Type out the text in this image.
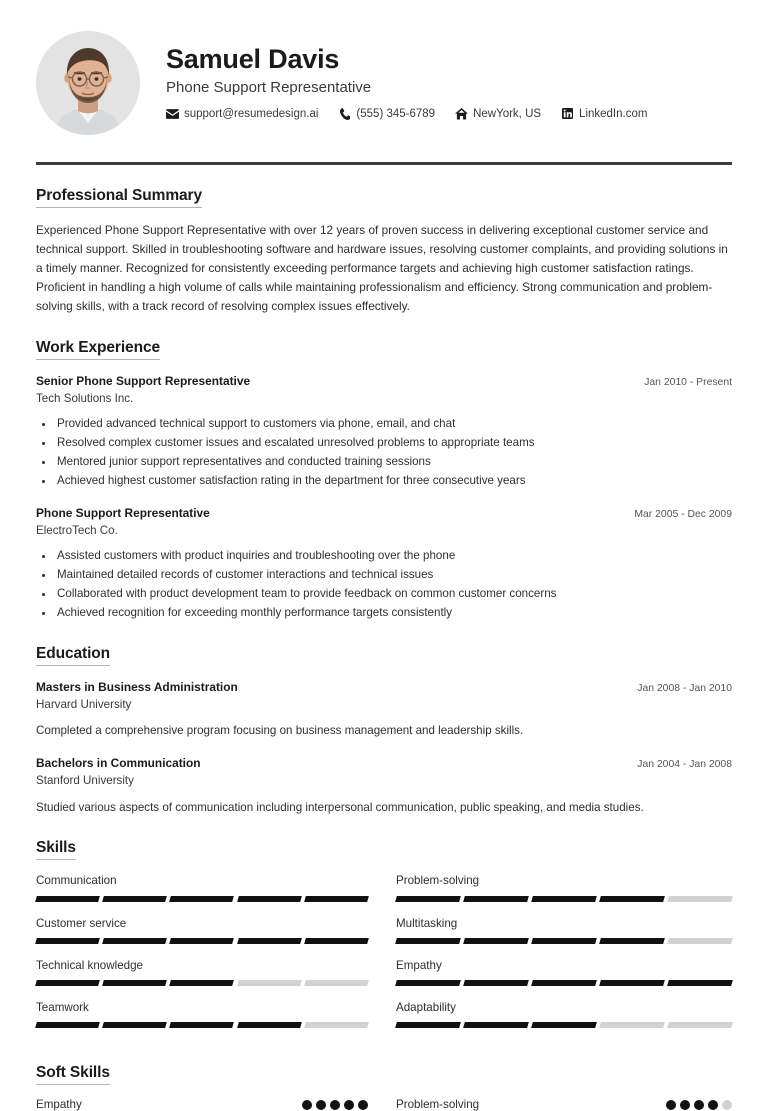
Samuel Davis
Phone Support Representative
support@resumedesign.ai	(555) 345-6789	NewYork, US	LinkedIn.com
Professional Summary

Experienced Phone Support Representative with over 12 years of proven success in delivering exceptional customer service and technical support. Skilled in troubleshooting software and hardware issues, resolving customer complaints, and providing solutions in a timely manner. Recognized for consistently exceeding performance targets and achieving high customer satisfaction ratings. Proficient in handling a high volume of calls while maintaining professionalism and efficiency. Strong communication and problem-solving skills, with a track record of resolving complex issues effectively.

Work Experience
Senior Phone Support Representative	Jan 2010 - Present
Tech Solutions Inc.
• Provided advanced technical support to customers via phone, email, and chat
• Resolved complex customer issues and escalated unresolved problems to appropriate teams
• Mentored junior support representatives and conducted training sessions
• Achieved highest customer satisfaction rating in the department for three consecutive years
Phone Support Representative	Mar 2005 - Dec 2009
ElectroTech Co.
• Assisted customers with product inquiries and troubleshooting over the phone
• Maintained detailed records of customer interactions and technical issues
• Collaborated with product development team to provide feedback on common customer concerns
• Achieved recognition for exceeding monthly performance targets consistently
Education
Masters in Business Administration	Jan 2008 - Jan 2010
Harvard University

Completed a comprehensive program focusing on business management and leadership skills.

Bachelors in Communication	Jan 2004 - Jan 2008
Stanford University

Studied various aspects of communication including interpersonal communication, public speaking, and media studies.

Skills
Communication	Problem-solving
Customer service	Multitasking
Technical knowledge	Empathy
Teamwork	Adaptability
Soft Skills
Empathy	Problem-solving
